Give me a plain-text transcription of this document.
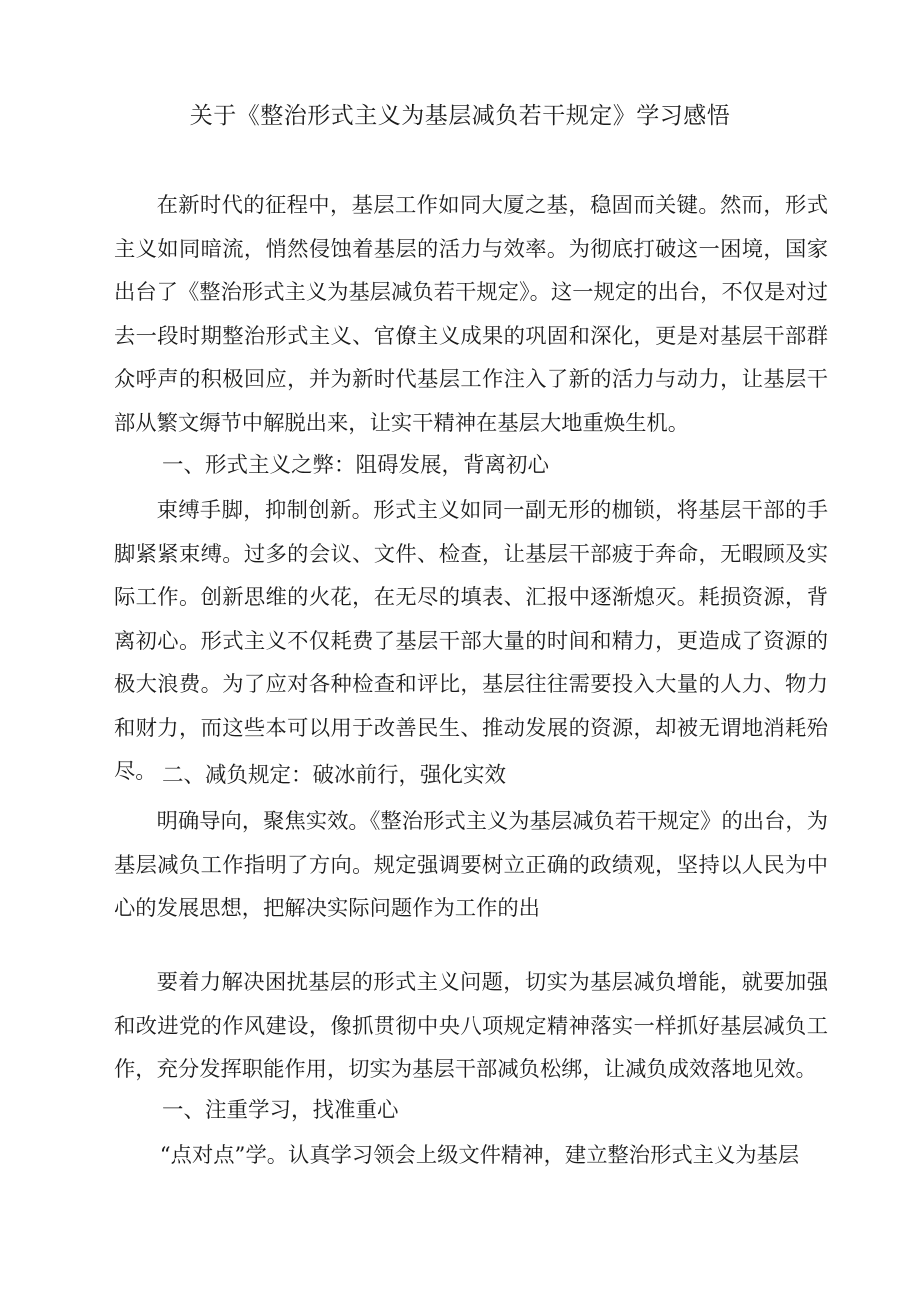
关于《整治形式主义为基层减负若干规定》学习感悟

在新时代的征程中，基层工作如同大厦之基，稳固而关键。然而，形式主义如同暗流，悄然侵蚀着基层的活力与效率。为彻底打破这一困境，国家出台了《整治形式主义为基层减负若干规定》。这一规定的出台，不仅是对过去一段时期整治形式主义、官僚主义成果的巩固和深化，更是对基层干部群众呼声的积极回应，并为新时代基层工作注入了新的活力与动力，让基层干部从繁文缛节中解脱出来，让实干精神在基层大地重焕生机。

一、形式主义之弊：阻碍发展，背离初心

束缚手脚，抑制创新。形式主义如同一副无形的枷锁，将基层干部的手脚紧紧束缚。过多的会议、文件、检查，让基层干部疲于奔命，无暇顾及实际工作。创新思维的火花，在无尽的填表、汇报中逐渐熄灭。耗损资源，背离初心。形式主义不仅耗费了基层干部大量的时间和精力，更造成了资源的极大浪费。为了应对各种检查和评比，基层往往需要投入大量的人力、物力和财力，而这些本可以用于改善民生、推动发展的资源，却被无谓地消耗殆尽。 二、减负规定：破冰前行，强化实效

明确导向，聚焦实效。《整治形式主义为基层减负若干规定》的出台，为基层减负工作指明了方向。规定强调要树立正确的政绩观，坚持以人民为中心的发展思想，把解决实际问题作为工作的出

要着力解决困扰基层的形式主义问题，切实为基层减负增能，就要加强和改进党的作风建设，像抓贯彻中央八项规定精神落实一样抓好基层减负工作，充分发挥职能作用，切实为基层干部减负松绑，让减负成效落地见效。

一、注重学习，找准重心

“点对点”学。认真学习领会上级文件精神，建立整治形式主义为基层
